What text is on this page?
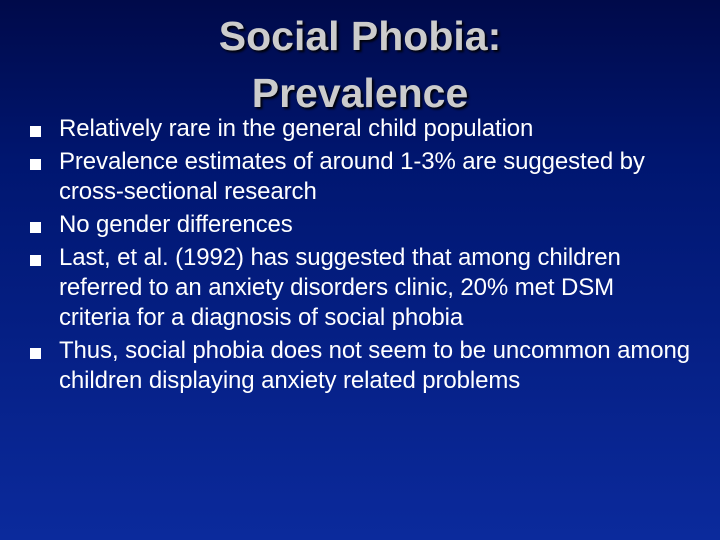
Social Phobia:
Prevalence
Relatively rare in the general child population
Prevalence estimates of around 1-3% are suggested by cross-sectional research
No gender differences
Last, et al. (1992) has suggested that among children referred to an anxiety disorders clinic, 20% met DSM criteria for a diagnosis of social phobia
Thus, social phobia does not seem to be uncommon among children displaying anxiety related problems
